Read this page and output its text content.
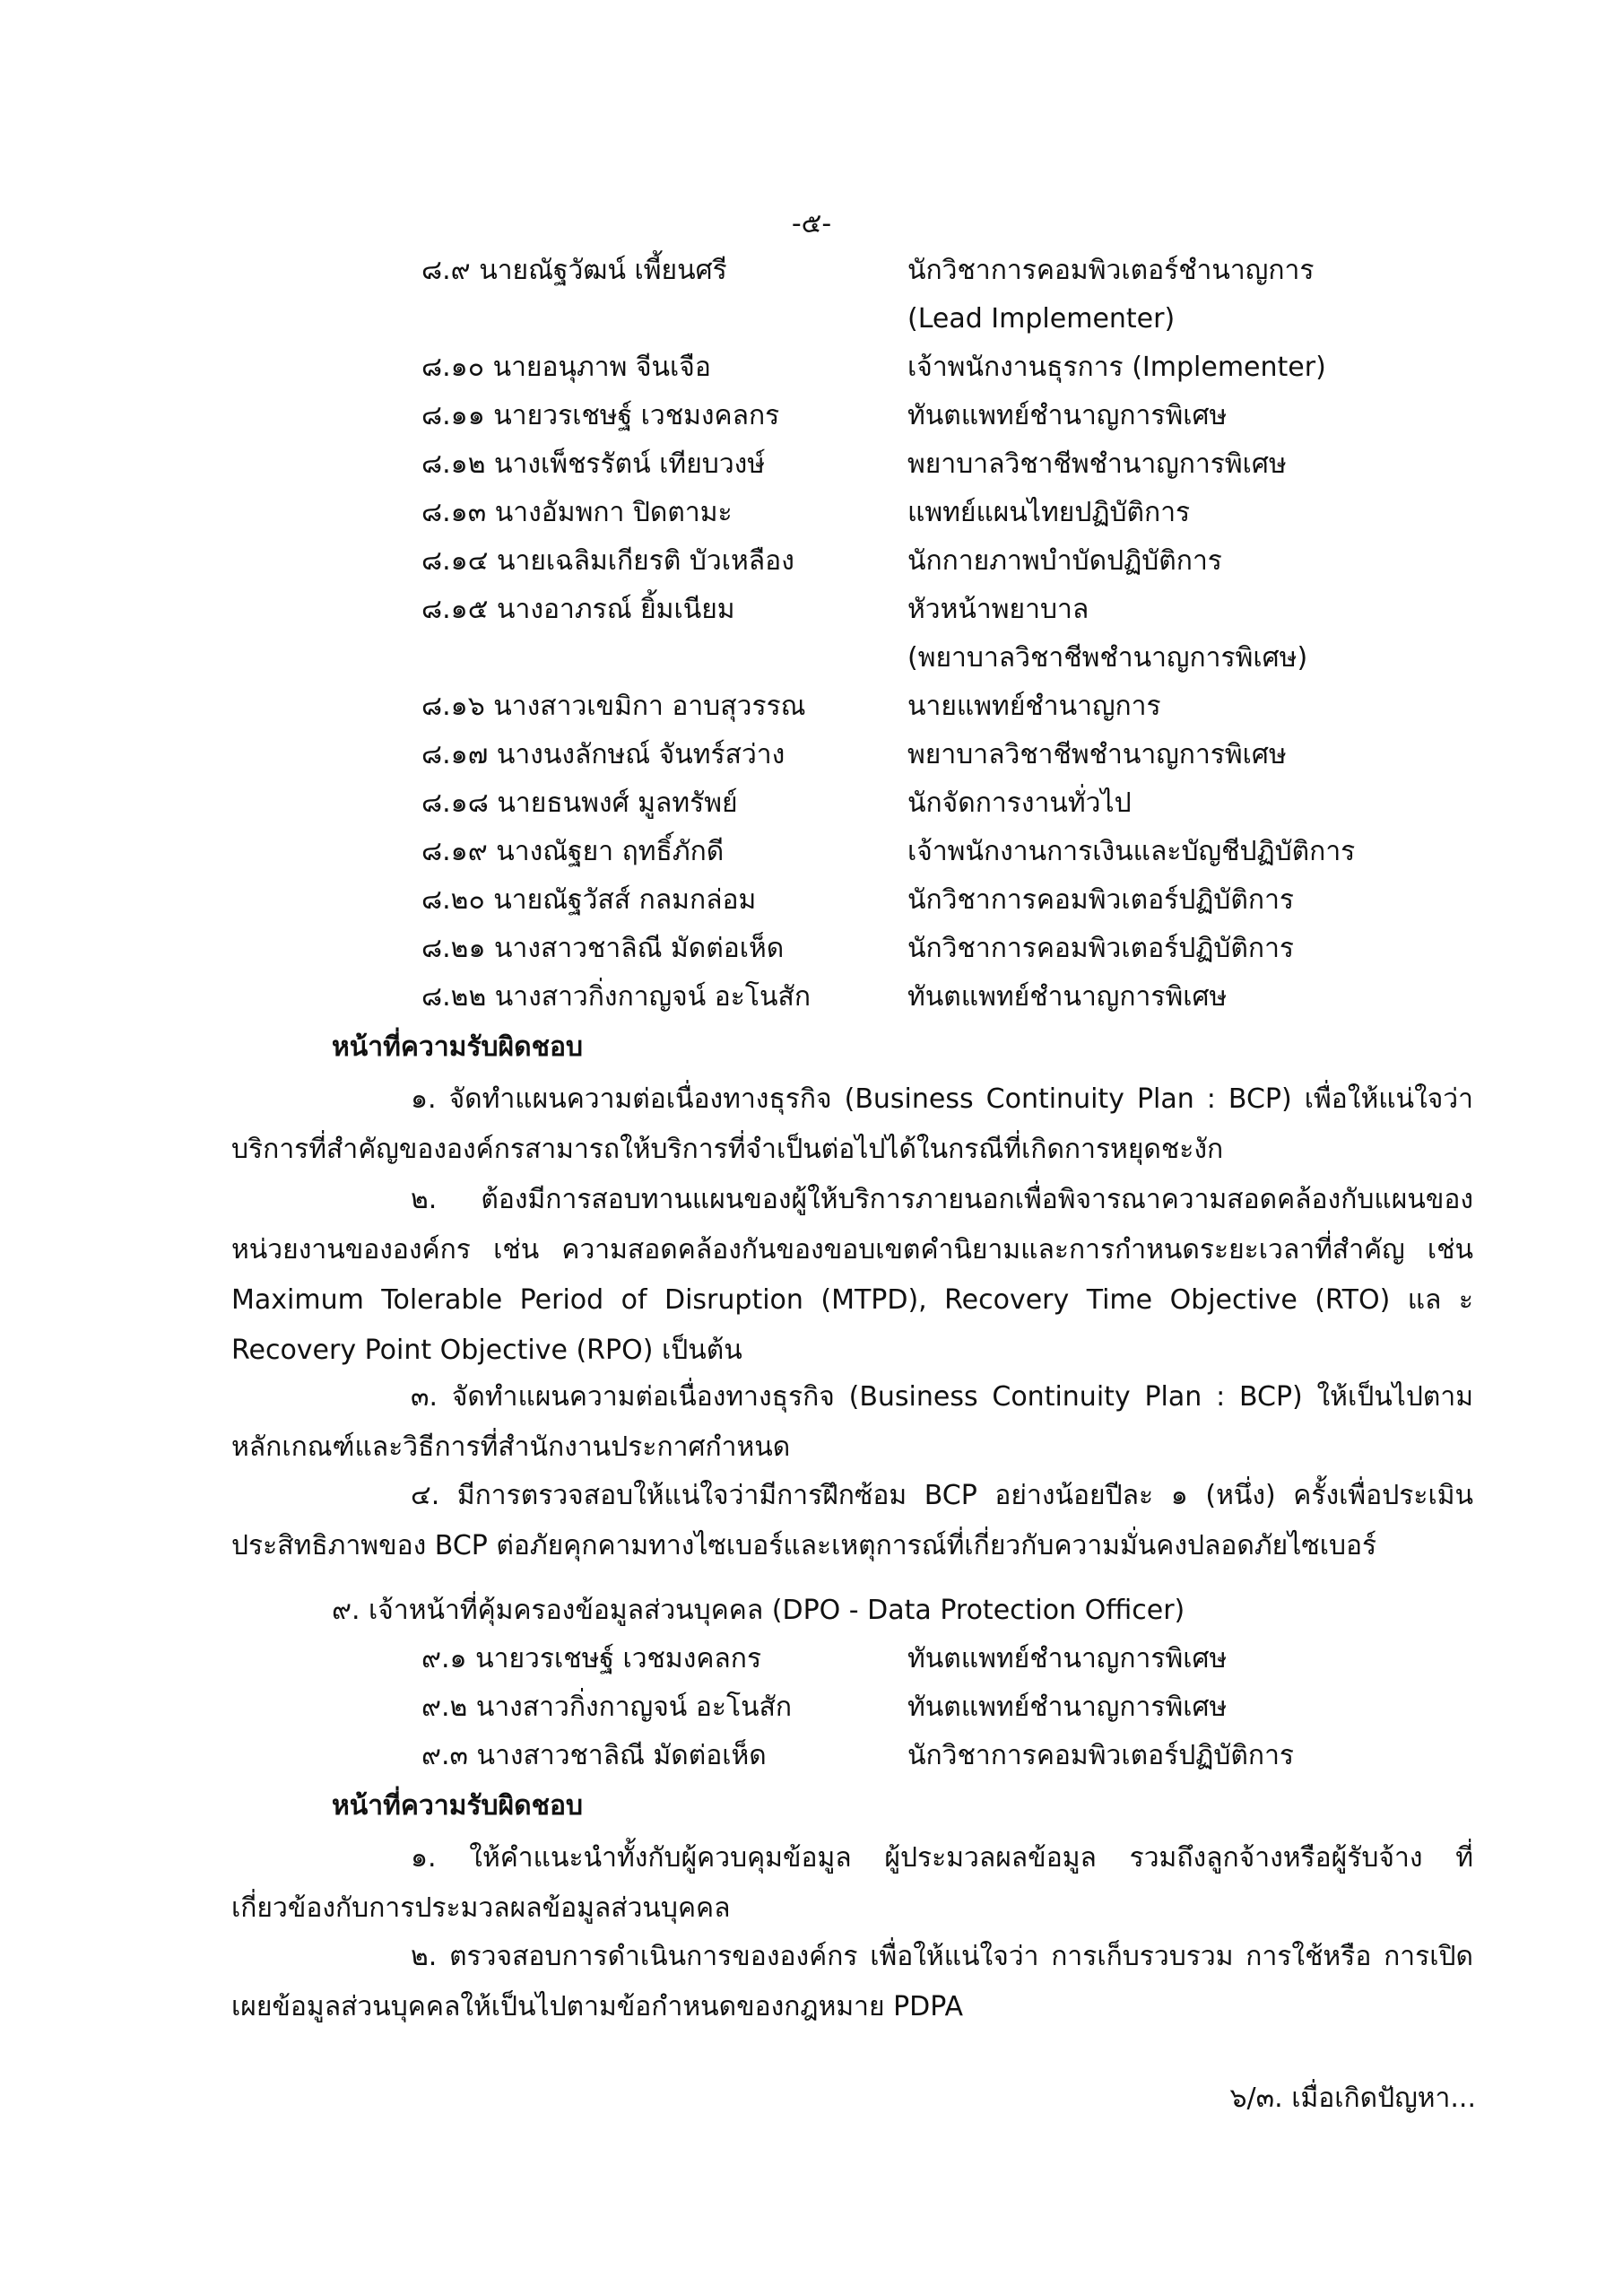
-๕-
๘.๙ นายณัฐวัฒน์ เพี้ยนศรี	นักวิชาการคอมพิวเตอร์ชำนาญการ
(Lead Implementer)
๘.๑๐ นายอนุภาพ จีนเจือ	เจ้าพนักงานธุรการ (Implementer)
๘.๑๑ นายวรเชษฐ์ เวชมงคลกร	ทันตแพทย์ชำนาญการพิเศษ
๘.๑๒ นางเพ็ชรรัตน์ เทียบวงษ์	พยาบาลวิชาชีพชำนาญการพิเศษ
๘.๑๓ นางอัมพกา ปิดตามะ	แพทย์แผนไทยปฏิบัติการ
๘.๑๔ นายเฉลิมเกียรติ บัวเหลือง	นักกายภาพบำบัดปฏิบัติการ
๘.๑๕ นางอาภรณ์ ยิ้มเนียม	หัวหน้าพยาบาล
(พยาบาลวิชาชีพชำนาญการพิเศษ)
๘.๑๖ นางสาวเขมิกา อาบสุวรรณ	นายแพทย์ชำนาญการ
๘.๑๗ นางนงลักษณ์ จันทร์สว่าง	พยาบาลวิชาชีพชำนาญการพิเศษ
๘.๑๘ นายธนพงศ์ มูลทรัพย์	นักจัดการงานทั่วไป
๘.๑๙ นางณัฐยา ฤทธิ์ภักดี	เจ้าพนักงานการเงินและบัญชีปฏิบัติการ
๘.๒๐ นายณัฐวัสส์ กลมกล่อม	นักวิชาการคอมพิวเตอร์ปฏิบัติการ
๘.๒๑ นางสาวชาลิณี มัดต่อเห็ด	นักวิชาการคอมพิวเตอร์ปฏิบัติการ
๘.๒๒ นางสาวกิ่งกาญจน์ อะโนสัก	ทันตแพทย์ชำนาญการพิเศษ
หน้าที่ความรับผิดชอบ
๑. จัดทำแผนความต่อเนื่องทางธุรกิจ (Business Continuity Plan : BCP) เพื่อให้แน่ใจว่า บริการที่สำคัญขององค์กรสามารถให้บริการที่จำเป็นต่อไปได้ในกรณีที่เกิดการหยุดชะงัก
๒. ต้องมีการสอบทานแผนของผู้ให้บริการภายนอกเพื่อพิจารณาความสอดคล้องกับแผนของ หน่วยงานขององค์กร เช่น ความสอดคล้องกันของขอบเขตคำนิยามและการกำหนดระยะเวลาที่สำคัญ เช่น Maximum Tolerable Period of Disruption (MTPD), Recovery Time Objective (RTO) แล ะ Recovery Point Objective (RPO) เป็นต้น
๓. จัดทำแผนความต่อเนื่องทางธุรกิจ (Business Continuity Plan : BCP) ให้เป็นไปตาม หลักเกณฑ์และวิธีการที่สำนักงานประกาศกำหนด
๔. มีการตรวจสอบให้แน่ใจว่ามีการฝึกซ้อม BCP อย่างน้อยปีละ ๑ (หนึ่ง) ครั้งเพื่อประเมิน ประสิทธิภาพของ BCP ต่อภัยคุกคามทางไซเบอร์และเหตุการณ์ที่เกี่ยวกับความมั่นคงปลอดภัยไซเบอร์
๙. เจ้าหน้าที่คุ้มครองข้อมูลส่วนบุคคล (DPO - Data Protection Officer)
๙.๑ นายวรเชษฐ์ เวชมงคลกร	ทันตแพทย์ชำนาญการพิเศษ
๙.๒ นางสาวกิ่งกาญจน์ อะโนสัก	ทันตแพทย์ชำนาญการพิเศษ
๙.๓ นางสาวชาลิณี มัดต่อเห็ด	นักวิชาการคอมพิวเตอร์ปฏิบัติการ
หน้าที่ความรับผิดชอบ
๑. ให้คำแนะนำทั้งกับผู้ควบคุมข้อมูล ผู้ประมวลผลข้อมูล รวมถึงลูกจ้างหรือผู้รับจ้าง ที่เกี่ยวข้องกับการประมวลผลข้อมูลส่วนบุคคล
๒. ตรวจสอบการดำเนินการขององค์กร เพื่อให้แน่ใจว่า การเก็บรวบรวม การใช้หรือ การเปิดเผยข้อมูลส่วนบุคคลให้เป็นไปตามข้อกำหนดของกฎหมาย PDPA
๖/๓. เมื่อเกิดปัญหา...
